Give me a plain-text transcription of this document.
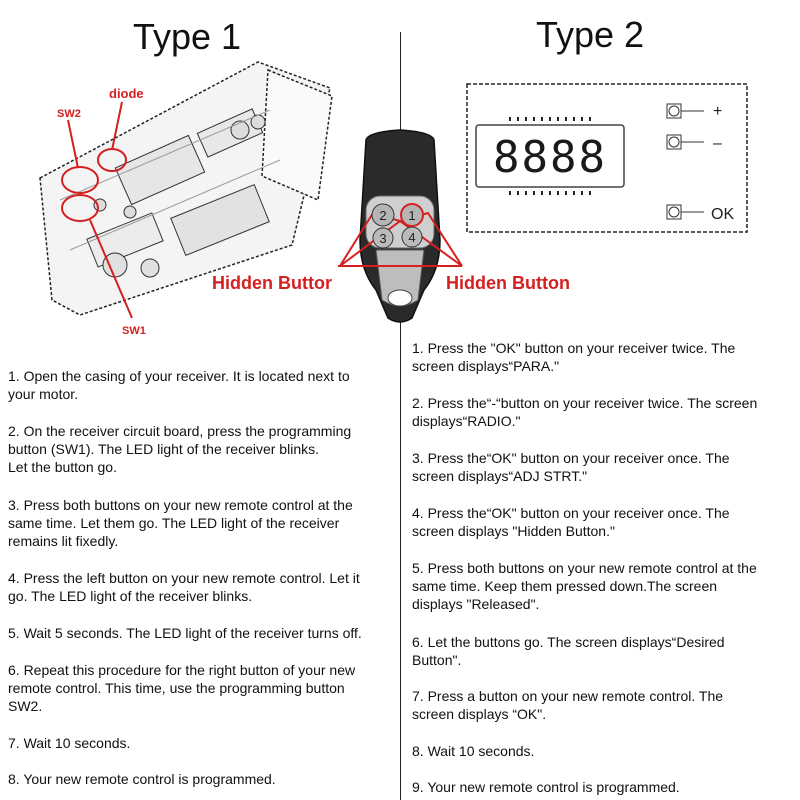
Type 1	Type 2
SW2
diode
SW1
2 1
3 4
Hidden Buttor	Hidden Button
8888
+
–
OK

1. Open the casing of your receiver. It is located next to
your motor.

2. On the receiver circuit board, press the programming
button (SW1). The LED light of the receiver blinks.
Let the button go.

3. Press both buttons on your new remote control at the
same time. Let them go. The LED light of the receiver
remains lit fixedly.

4. Press the left button on your new remote control. Let it
go. The LED light of the receiver blinks.

5. Wait 5 seconds. The LED light of the receiver turns off.

6. Repeat this procedure for the right button of your new
remote control. This time, use the programming button
SW2.

7. Wait 10 seconds.

8. Your new remote control is programmed.

1. Press the "OK" button on your receiver twice. The
screen displays“PARA."

2. Press the“-“button on your receiver twice. The screen
displays“RADIO."

3. Press the“OK" button on your receiver once. The
screen displays“ADJ STRT."

4. Press the“OK" button on your receiver once. The
screen displays "Hidden Button."

5. Press both buttons on your new remote control at the
same time. Keep them pressed down.The screen
displays "Released".

6. Let the buttons go. The screen displays“Desired
Button".

7. Press a button on your new remote control. The
screen displays “OK".

8. Wait 10 seconds.

9. Your new remote control is programmed.
